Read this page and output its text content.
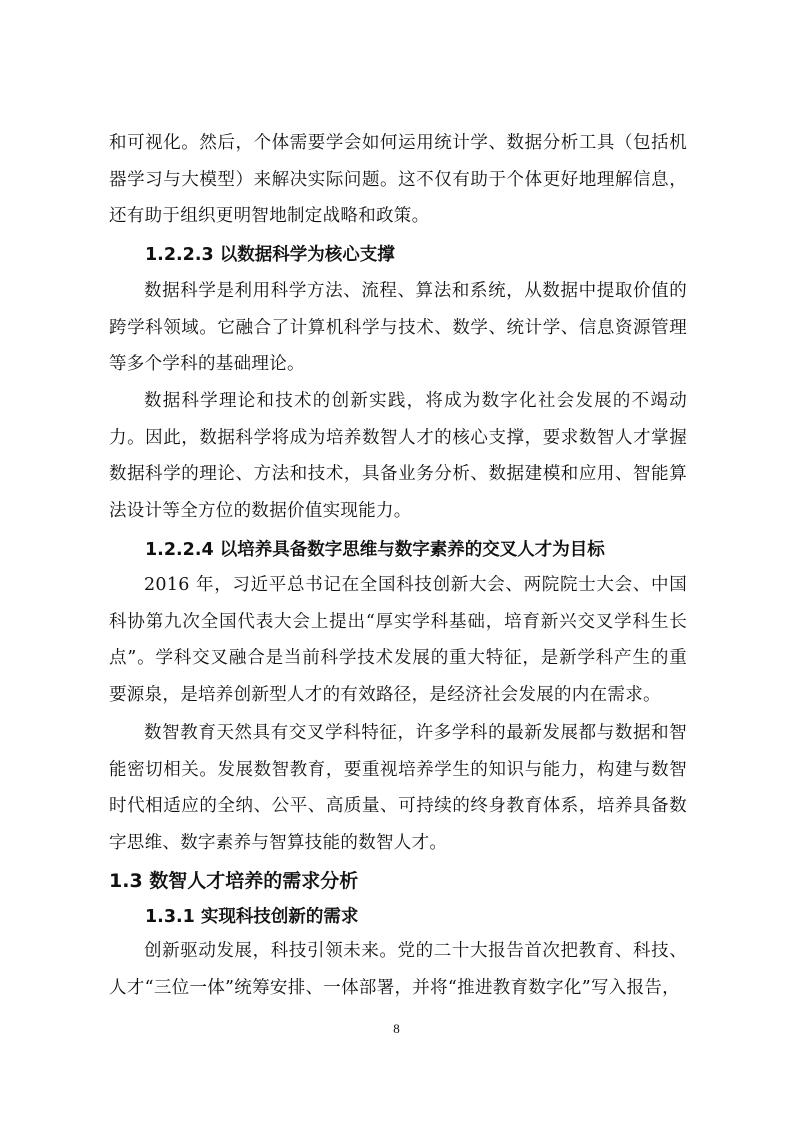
和可视化。然后，个体需要学会如何运用统计学、数据分析工具（包括机器学习与大模型）来解决实际问题。这不仅有助于个体更好地理解信息，还有助于组织更明智地制定战略和政策。

1.2.2.3 以数据科学为核心支撑

数据科学是利用科学方法、流程、算法和系统，从数据中提取价值的跨学科领域。它融合了计算机科学与技术、数学、统计学、信息资源管理等多个学科的基础理论。

数据科学理论和技术的创新实践，将成为数字化社会发展的不竭动力。因此，数据科学将成为培养数智人才的核心支撑，要求数智人才掌握数据科学的理论、方法和技术，具备业务分析、数据建模和应用、智能算法设计等全方位的数据价值实现能力。

1.2.2.4 以培养具备数字思维与数字素养的交叉人才为目标

2016 年，习近平总书记在全国科技创新大会、两院院士大会、中国科协第九次全国代表大会上提出“厚实学科基础，培育新兴交叉学科生长点”。学科交叉融合是当前科学技术发展的重大特征，是新学科产生的重要源泉，是培养创新型人才的有效路径，是经济社会发展的内在需求。

数智教育天然具有交叉学科特征，许多学科的最新发展都与数据和智能密切相关。发展数智教育，要重视培养学生的知识与能力，构建与数智时代相适应的全纳、公平、高质量、可持续的终身教育体系，培养具备数字思维、数字素养与智算技能的数智人才。

1.3 数智人才培养的需求分析
1.3.1 实现科技创新的需求

创新驱动发展，科技引领未来。党的二十大报告首次把教育、科技、人才“三位一体”统筹安排、一体部署，并将“推进教育数字化”写入报告，

8
